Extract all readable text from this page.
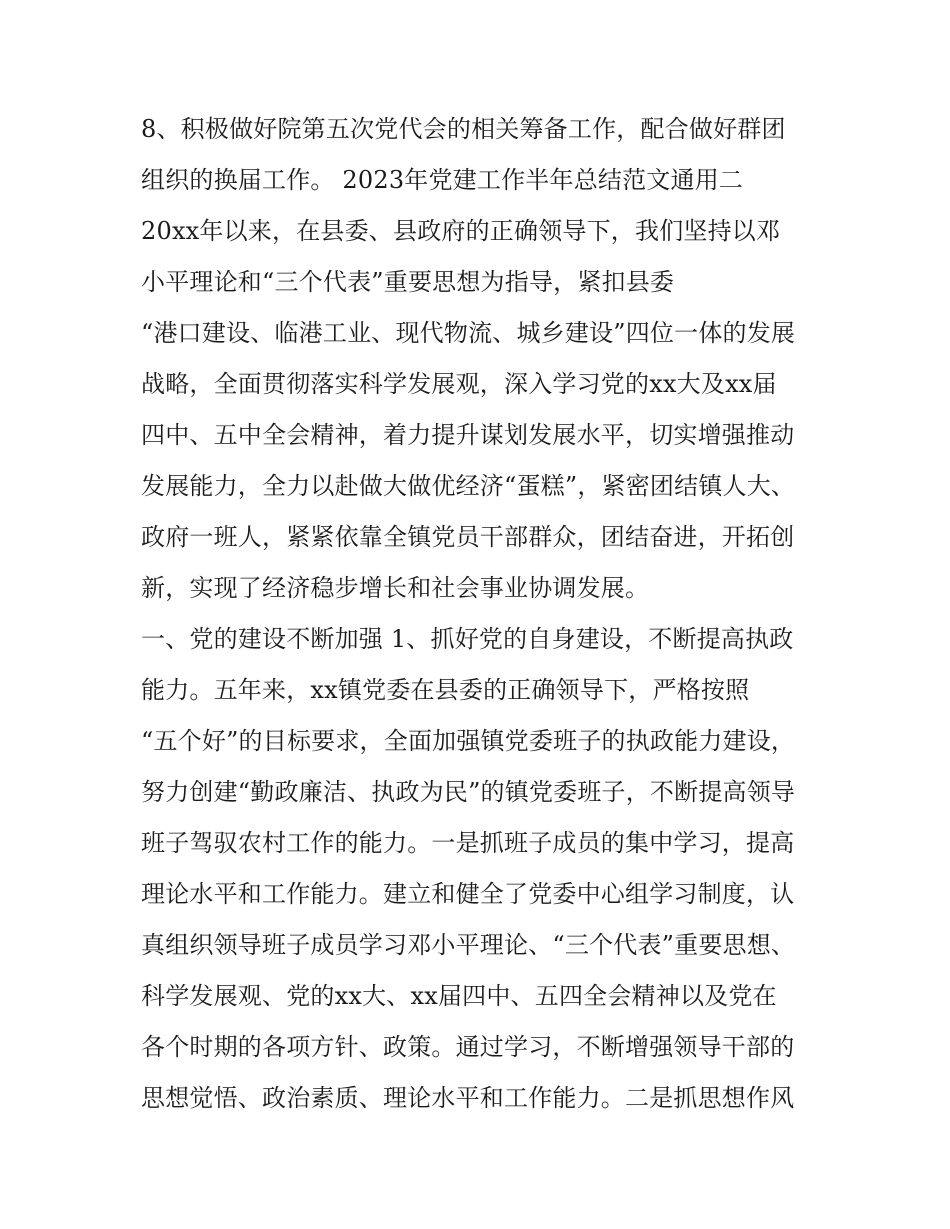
8、积极做好院第五次党代会的相关筹备工作，配合做好群团
组织的换届工作。 2023年党建工作半年总结范文通用二
20xx年以来，在县委、县政府的正确领导下，我们坚持以邓
小平理论和“三个代表”重要思想为指导，紧扣县委
“港口建设、临港工业、现代物流、城乡建设”四位一体的发展
战略，全面贯彻落实科学发展观，深入学习党的xx大及xx届
四中、五中全会精神，着力提升谋划发展水平，切实增强推动
发展能力，全力以赴做大做优经济“蛋糕”，紧密团结镇人大、
政府一班人，紧紧依靠全镇党员干部群众，团结奋进，开拓创
新，实现了经济稳步增长和社会事业协调发展。
一、党的建设不断加强 1、抓好党的自身建设，不断提高执政
能力。五年来，xx镇党委在县委的正确领导下，严格按照
“五个好”的目标要求，全面加强镇党委班子的执政能力建设，
努力创建“勤政廉洁、执政为民”的镇党委班子，不断提高领导
班子驾驭农村工作的能力。一是抓班子成员的集中学习，提高
理论水平和工作能力。建立和健全了党委中心组学习制度，认
真组织领导班子成员学习邓小平理论、“三个代表”重要思想、
科学发展观、党的xx大、xx届四中、五四全会精神以及党在
各个时期的各项方针、政策。通过学习，不断增强领导干部的
思想觉悟、政治素质、理论水平和工作能力。二是抓思想作风
